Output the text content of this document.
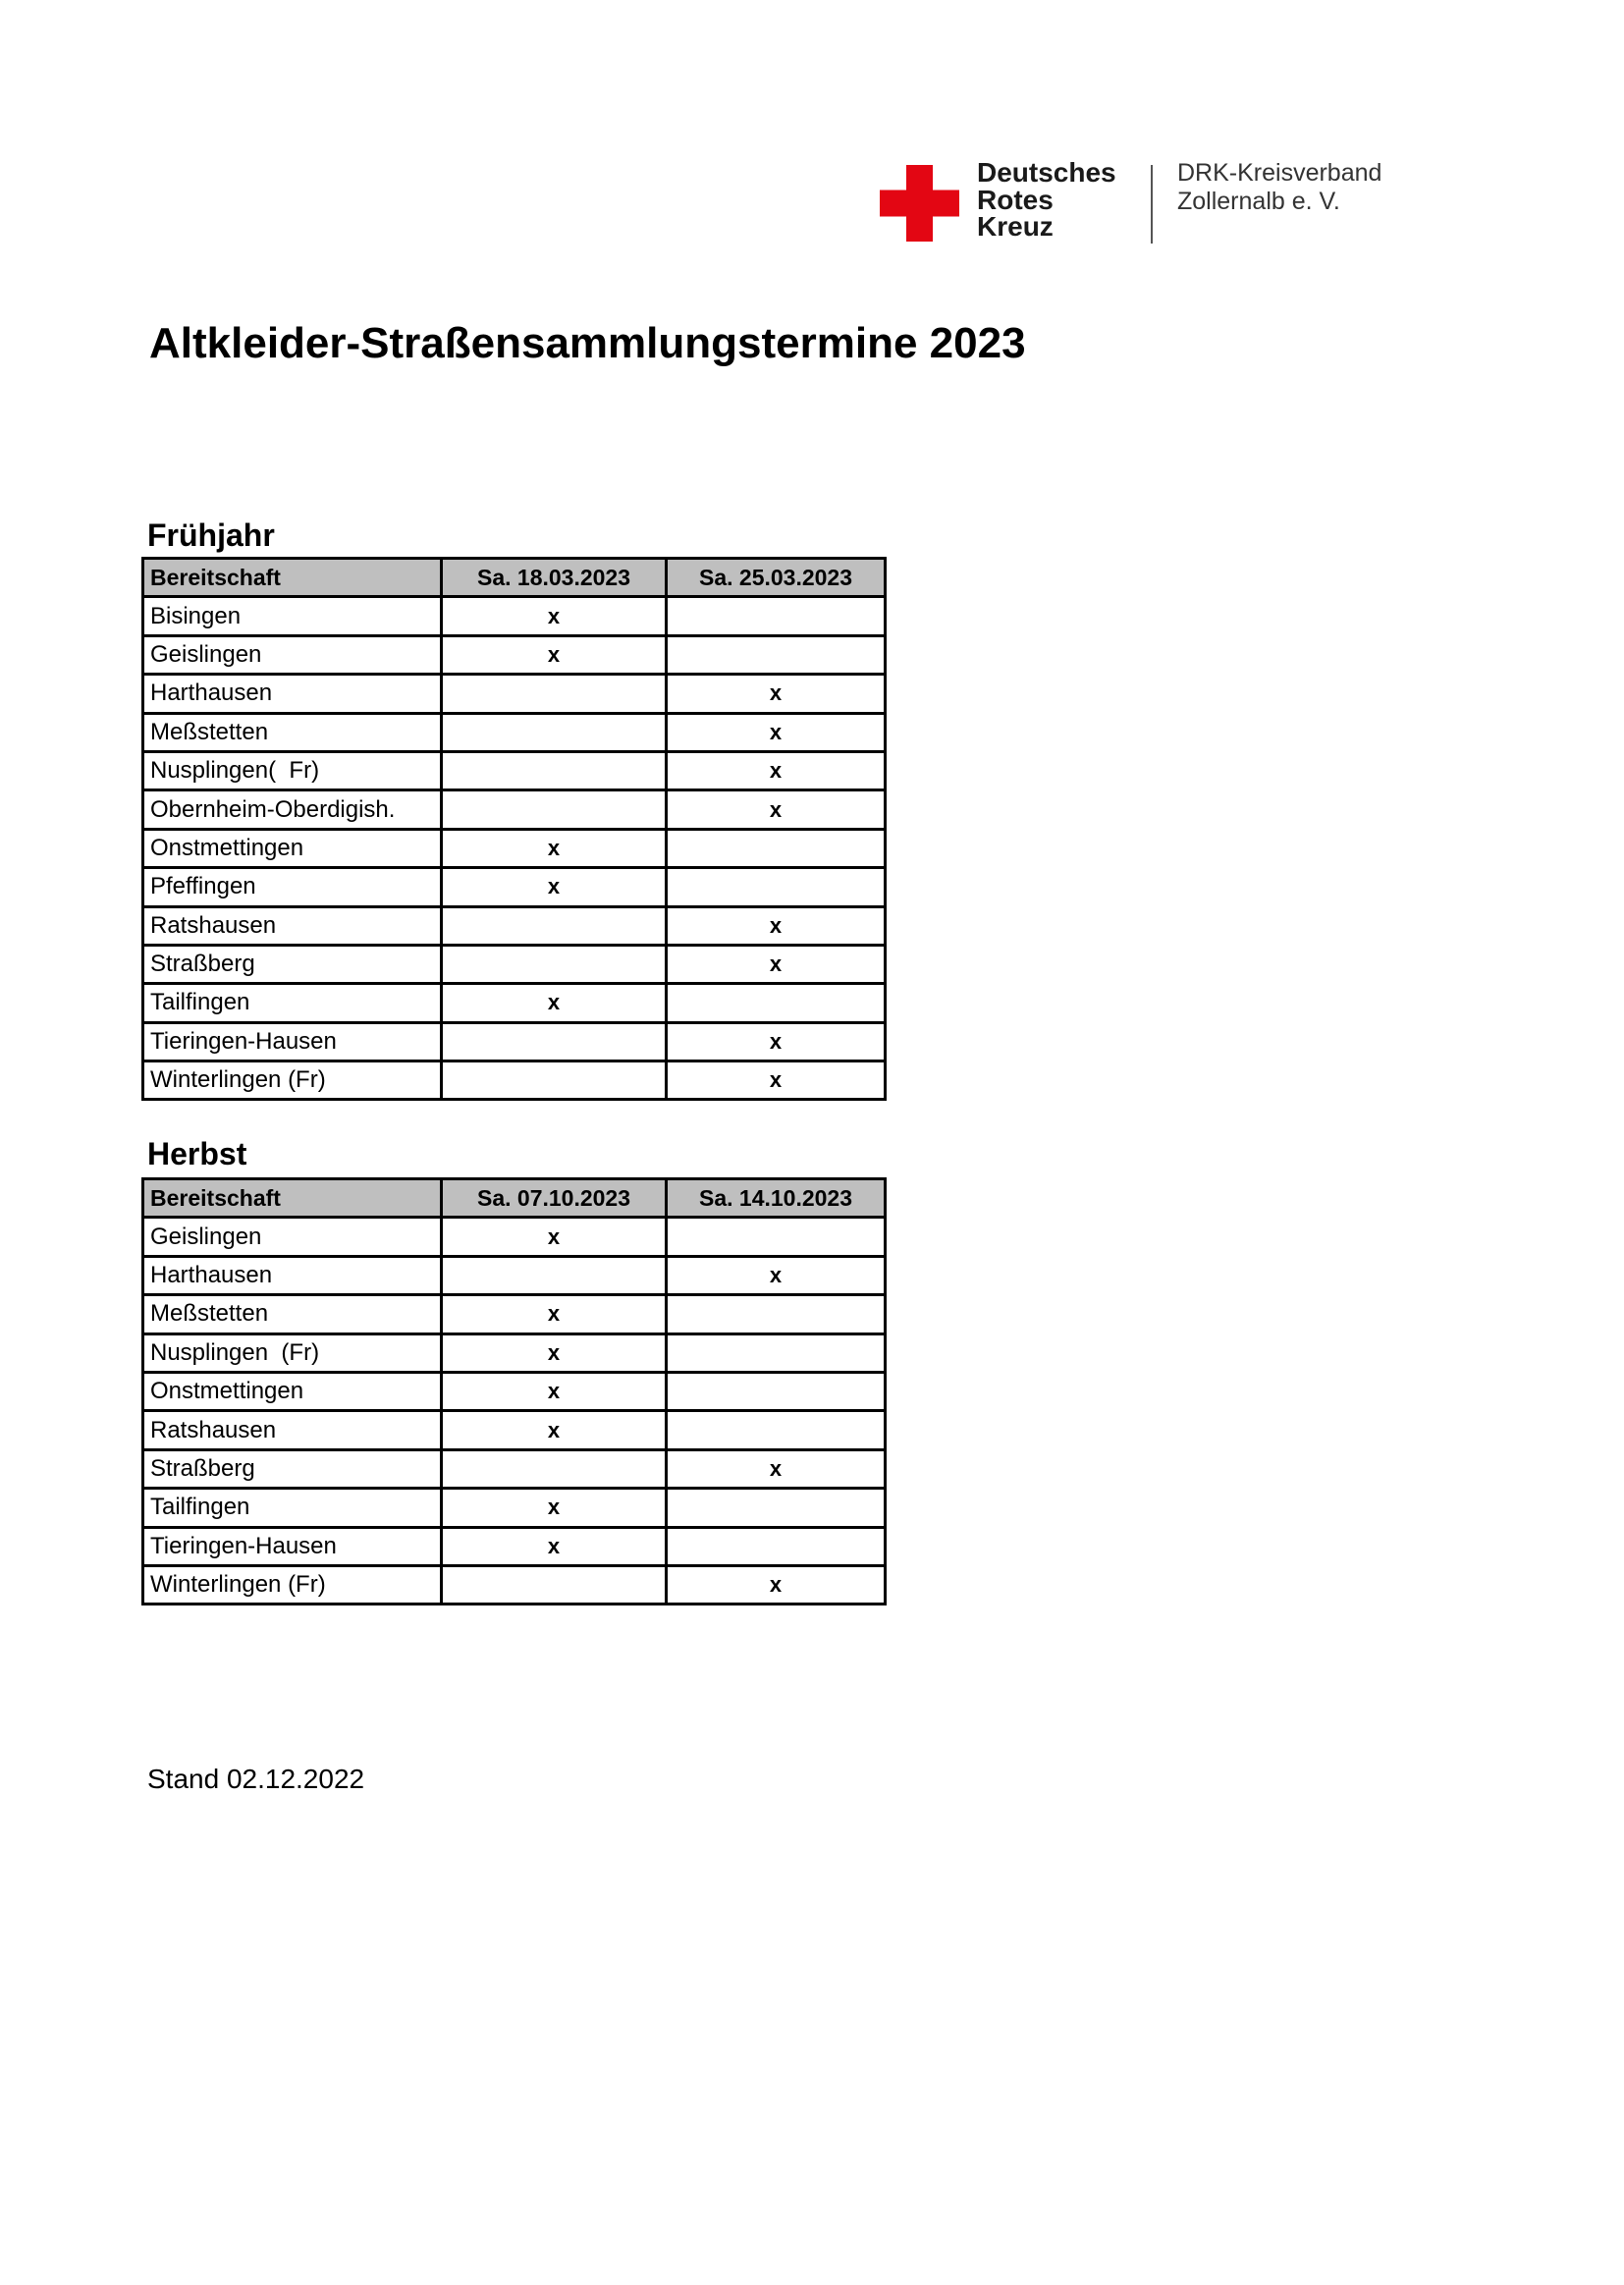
Deutsches
Rotes
Kreuz
DRK-Kreisverband
Zollernalb e. V.
Altkleider-Straßensammlungstermine 2023
Frühjahr
Bereitschaft	Sa. 18.03.2023	Sa. 25.03.2023
Bisingen	x	
Geislingen	x	
Harthausen		x
Meßstetten		x
Nusplingen(  Fr)		x
Obernheim-Oberdigish.		x
Onstmettingen	x	
Pfeffingen	x	
Ratshausen		x
Straßberg		x
Tailfingen	x	
Tieringen-Hausen		x
Winterlingen (Fr)		x
Herbst
Bereitschaft	Sa. 07.10.2023	Sa. 14.10.2023
Geislingen	x	
Harthausen		x
Meßstetten	x	
Nusplingen  (Fr)	x	
Onstmettingen	x	
Ratshausen	x	
Straßberg		x
Tailfingen	x	
Tieringen-Hausen	x	
Winterlingen (Fr)		x
Stand 02.12.2022
